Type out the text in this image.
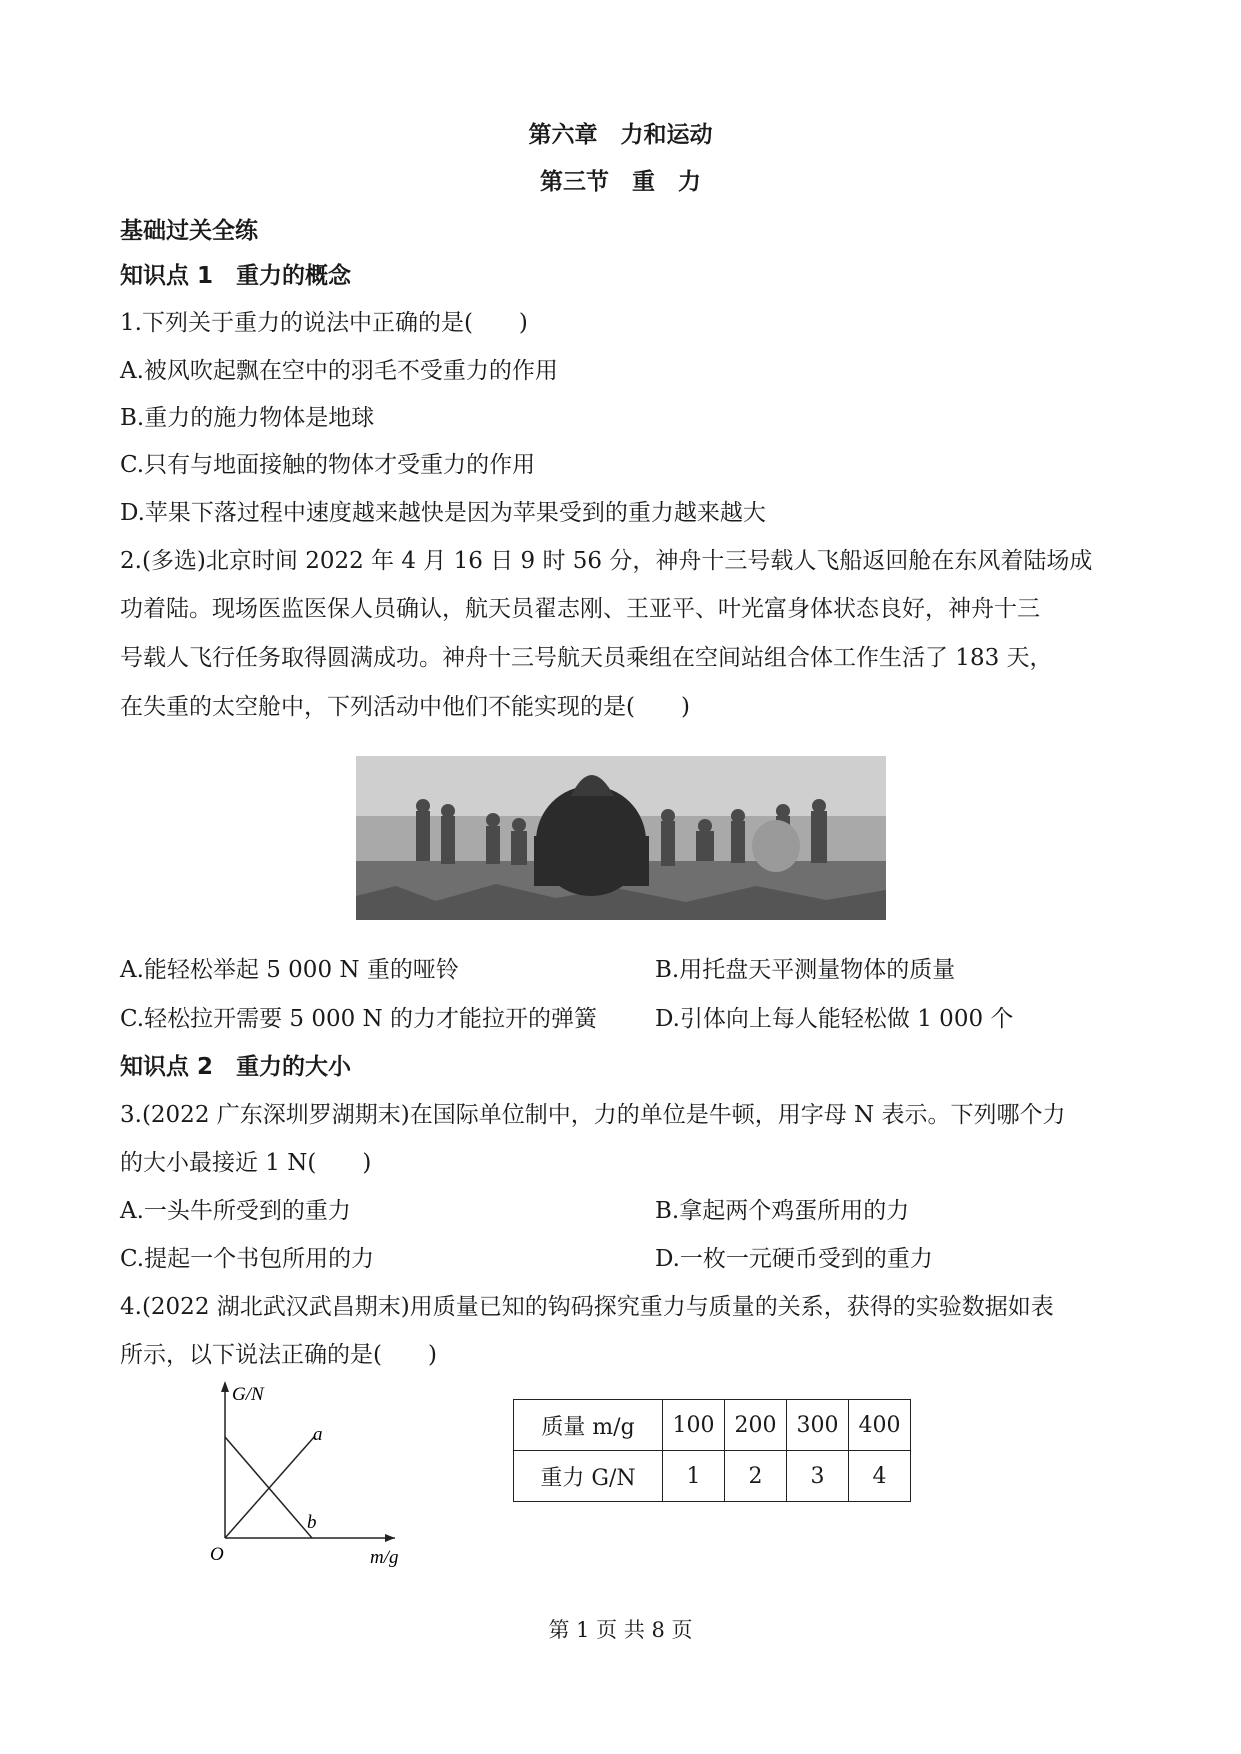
第六章　力和运动
第三节　重　力
基础过关全练
知识点 1　重力的概念
1.下列关于重力的说法中正确的是(　　)
A.被风吹起飘在空中的羽毛不受重力的作用
B.重力的施力物体是地球
C.只有与地面接触的物体才受重力的作用
D.苹果下落过程中速度越来越快是因为苹果受到的重力越来越大
2.(多选)北京时间 2022 年 4 月 16 日 9 时 56 分，神舟十三号载人飞船返回舱在东风着陆场成
功着陆。现场医监医保人员确认，航天员翟志刚、王亚平、叶光富身体状态良好，神舟十三
号载人飞行任务取得圆满成功。神舟十三号航天员乘组在空间站组合体工作生活了 183 天，
在失重的太空舱中，下列活动中他们不能实现的是(　　)
A.能轻松举起 5 000 N 重的哑铃	B.用托盘天平测量物体的质量
C.轻松拉开需要 5 000 N 的力才能拉开的弹簧	D.引体向上每人能轻松做 1 000 个
知识点 2　重力的大小
3.(2022 广东深圳罗湖期末)在国际单位制中，力的单位是牛顿，用字母 N 表示。下列哪个力
的大小最接近 1 N(　　)
A.一头牛所受到的重力	B.拿起两个鸡蛋所用的力
C.提起一个书包所用的力	D.一枚一元硬币受到的重力
4.(2022 湖北武汉武昌期末)用质量已知的钩码探究重力与质量的关系，获得的实验数据如表
所示，以下说法正确的是(　　)
G/N
m/g
O
a
b
质量 m/g	100	200	300	400
重力 G/N	1	2	3	4
第 1 页 共 8 页
